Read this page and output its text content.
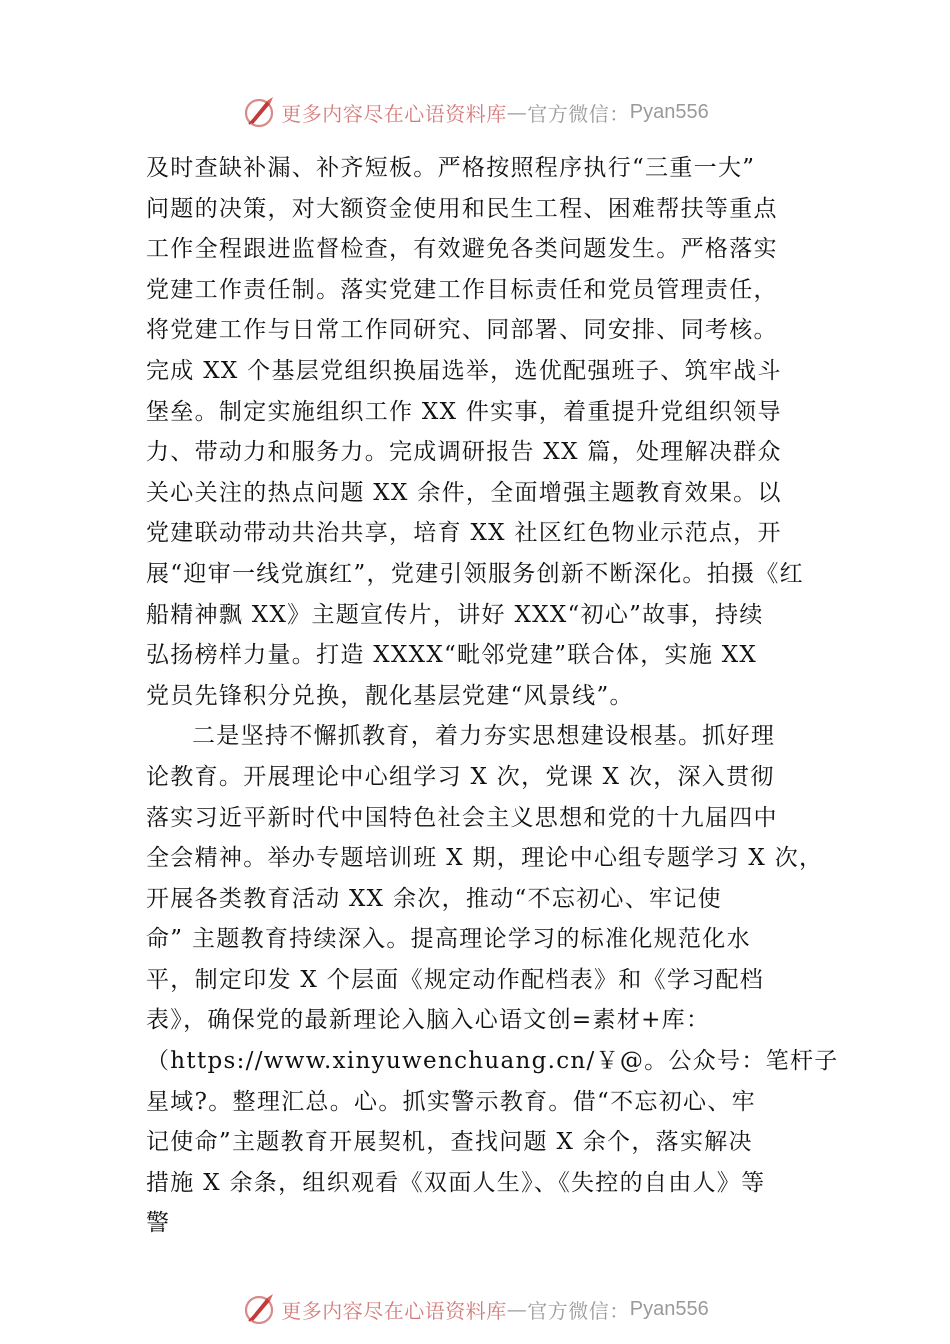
更多内容尽在心语资料库 — 官方微信： Pyan556
及时查缺补漏、补齐短板。严格按照程序执行“三重一大”
问题的决策，对大额资金使用和民生工程、困难帮扶等重点
工作全程跟进监督检查，有效避免各类问题发生。严格落实
党建工作责任制。落实党建工作目标责任和党员管理责任，
将党建工作与日常工作同研究、同部署、同安排、同考核。
完成 XX 个基层党组织换届选举，选优配强班子、筑牢战斗
堡垒。制定实施组织工作 XX 件实事，着重提升党组织领导
力、带动力和服务力。完成调研报告 XX 篇，处理解决群众
关心关注的热点问题 XX 余件，全面增强主题教育效果。以
党建联动带动共治共享，培育 XX 社区红色物业示范点，开
展“迎审一线党旗红”，党建引领服务创新不断深化。拍摄《红
船精神飘 XX》主题宣传片，讲好 XXX“初心”故事，持续
弘扬榜样力量。打造 XXXX“毗邻党建”联合体，实施 XX
党员先锋积分兑换，靓化基层党建“风景线”。
二是坚持不懈抓教育，着力夯实思想建设根基。抓好理
论教育。开展理论中心组学习 X 次，党课 X 次，深入贯彻
落实习近平新时代中国特色社会主义思想和党的十九届四中
全会精神。举办专题培训班 X 期，理论中心组专题学习 X 次，
开展各类教育活动 XX 余次，推动“不忘初心、牢记使
命” 主题教育持续深入。提高理论学习的标准化规范化水
平，制定印发 X 个层面《规定动作配档表》和《学习配档
表》，确保党的最新理论入脑入心语文创=素材+库：
（https://www.xinyuwenchuang.cn/￥@。公众号：笔杆子
星域?。整理汇总。心。抓实警示教育。借“不忘初心、牢
记使命”主题教育开展契机，查找问题 X 余个，落实解决
措施 X 余条，组织观看《双面人生》、《失控的自由人》等
警
更多内容尽在心语资料库 — 官方微信： Pyan556
